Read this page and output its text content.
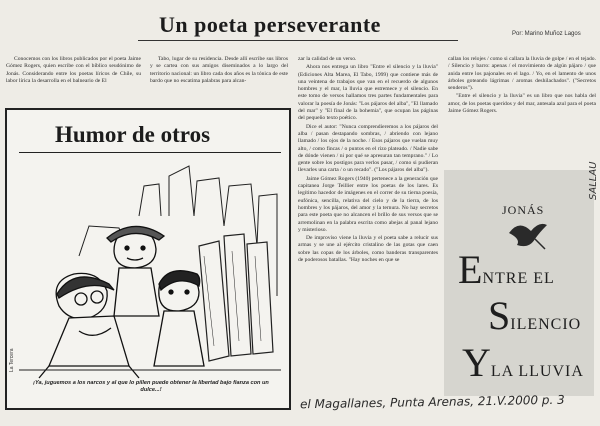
Un poeta perseverante	Por: Marino Muñoz Lagos

Conocemos con los libros publicados por el poeta Jaime Gómez Rogers, quien escribe con el bíblico seudónimo de Jonás. Considerando entre los poetas líricos de Chile, su labor lírica la desarrolla en el balneario de El

Tabo, lugar de su residencia. Desde allí escribe sus libros y se cartea con sus amigos diseminados a lo largo del territorio nacional: un libro cada dos años es la tónica de este bardo que no escatima palabras para alcan-

zar la calidad de un verso.

Ahora nos entrega un libro "Entre el silencio y la lluvia" (Ediciones Alta Marea, El Tabo, 1999) que contiene más de una veintena de trabajos que van en el recuerdo de algunos hombres y el mar, la lluvia que estremece y el silencio. En este tomo de versos hallamos tres partes fundamentales para valorar la poesía de Jonás: "Los pájaros del alba", "El llamado del mar" y "El final de la bohemia", que ocupan las páginas del pequeño texto poético.

Dice el autor: "Nunca comprendieremos a los pájaros del alba / pasan destapando sombras, / abriendo con lejano llamado / los ojos de la noche. / Esos pájaros que vuelan muy alto, / como fincas / o puntos en el rizo plateado. / Nadie sabe de dónde vienen / ni por qué se apresuran tan temprano." / Lo gente sobre los postigos para verlos pasar, / como si pudieran llevarles una carta / o un recado". ("Los pájaros del alba").

Jaime Gómez Rogers (1940) pertenece a la generación que capitanea Jorge Teillier entre los poetas de los lares. Es legítimo hacedor de imágenes en el correr de su tierna poesía, eufónica, sencilla, relativa del cielo y de la tierra, de los hombres y los pájaros, del amor y la ternura. No hay secretos para este poeta que no alcancen el brillo de sus versos que se arremolinan en la palabra escrita como abejas al panal lejano y misterioso.

De improviso viene la lluvia y el poeta sabe a relucir sus armas y se une al ejército cristalino de las gotas que caen sobre las copas de los árboles, como banderas transparentes de poderosos batallas. "Hay noches en que se

callan los relojes / como si callara la lluvia de golpe / en el tejado. / Silencio y barro: apenas / el movimiento de algún pájaro / que anida entre los pajonales en el lago. / Yo, en el lamento de unos árboles goteando lágrimas / aromas deshilachados". ("Secretos senderos").

"Entre el silencio y la lluvia" es un libro que nos habla del amor, de los poetas queridos y del mar, antesala azul para el poeta Jaime Gómez Rogers.

Humor de otros
¡Ya, juguemos a los narcos y al que lo pillen puede obtener la libertad bajo fianza con un dulce...!
La Tercera
JONÁS
ENTRE EL
SILENCIO
YLA LLUVIA
el Magallanes, Punta Arenas, 21.V.2000 p. 3
SALLAU
